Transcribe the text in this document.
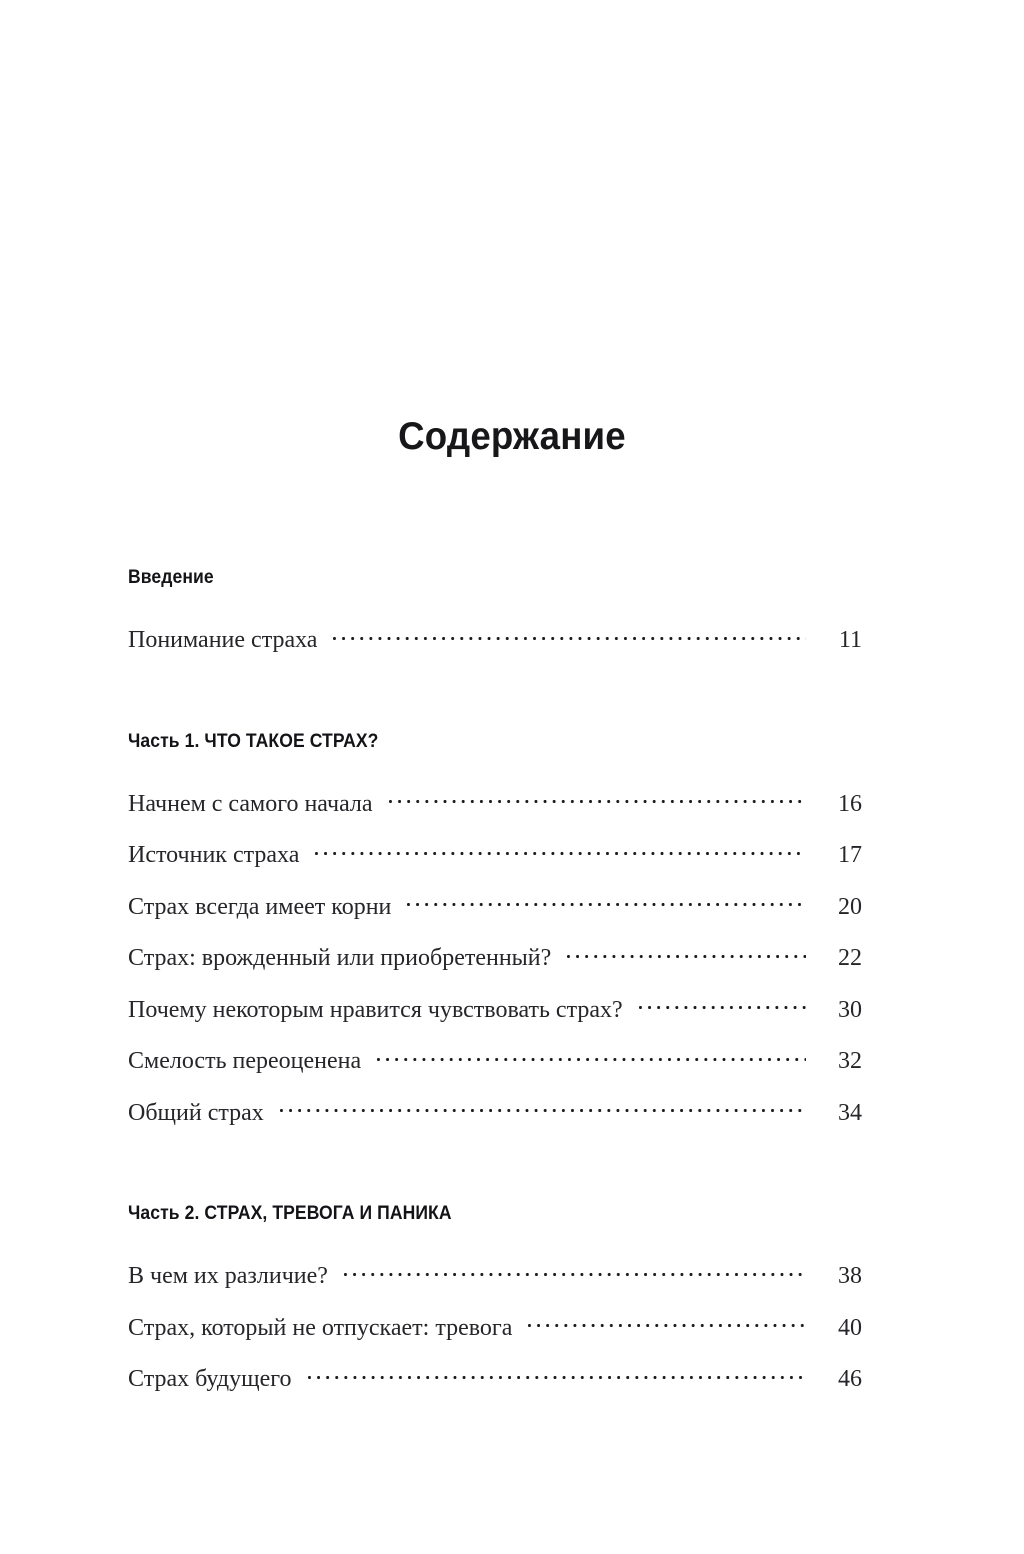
Содержание
Введение
Понимание страха	11
Часть 1. ЧТО ТАКОЕ СТРАХ?
Начнем с самого начала	16
Источник страха	17
Страх всегда имеет корни	20
Страх: врожденный или приобретенный?	22
Почему некоторым нравится чувствовать страх?	30
Смелость переоценена	32
Общий страх	34
Часть 2. СТРАХ, ТРЕВОГА И ПАНИКА
В чем их различие?	38
Страх, который не отпускает: тревога	40
Страх будущего	46
